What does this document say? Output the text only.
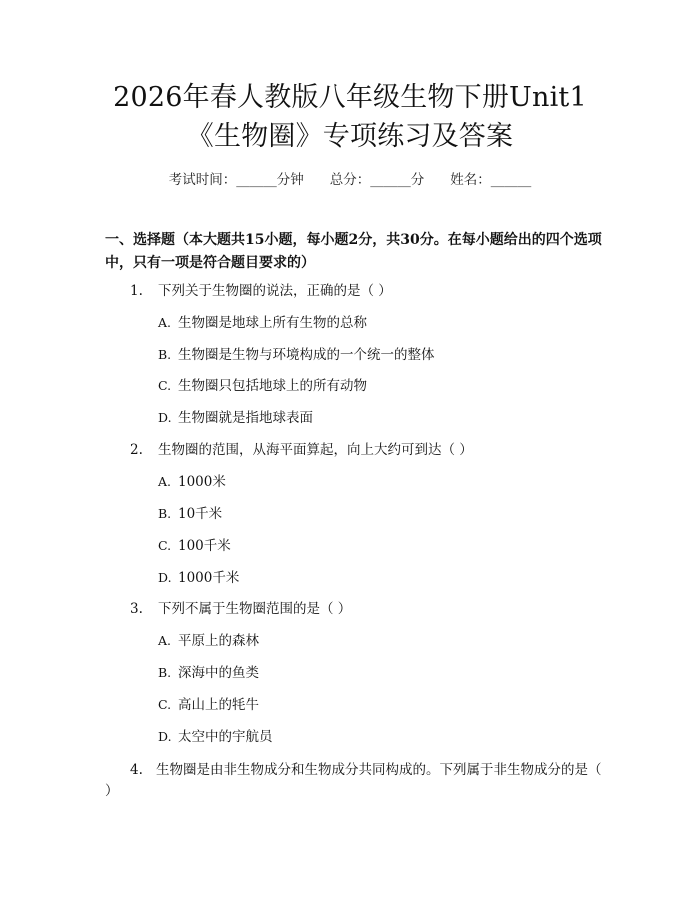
2026年春人教版八年级生物下册Unit1《生物圈》专项练习及答案
考试时间：______分钟 总分：______分 姓名：______
一、选择题（本大题共15小题，每小题2分，共30分。在每小题给出的四个选项中，只有一项是符合题目要求的）
1. 下列关于生物圈的说法，正确的是（ ）
A. 生物圈是地球上所有生物的总称
B. 生物圈是生物与环境构成的一个统一的整体
C. 生物圈只包括地球上的所有动物
D. 生物圈就是指地球表面
2. 生物圈的范围，从海平面算起，向上大约可到达（ ）
A. 1000米
B. 10千米
C. 100千米
D. 1000千米
3. 下列不属于生物圈范围的是（ ）
A. 平原上的森林
B. 深海中的鱼类
C. 高山上的牦牛
D. 太空中的宇航员
4. 生物圈是由非生物成分和生物成分共同构成的。下列属于非生物成分的是（ ）
